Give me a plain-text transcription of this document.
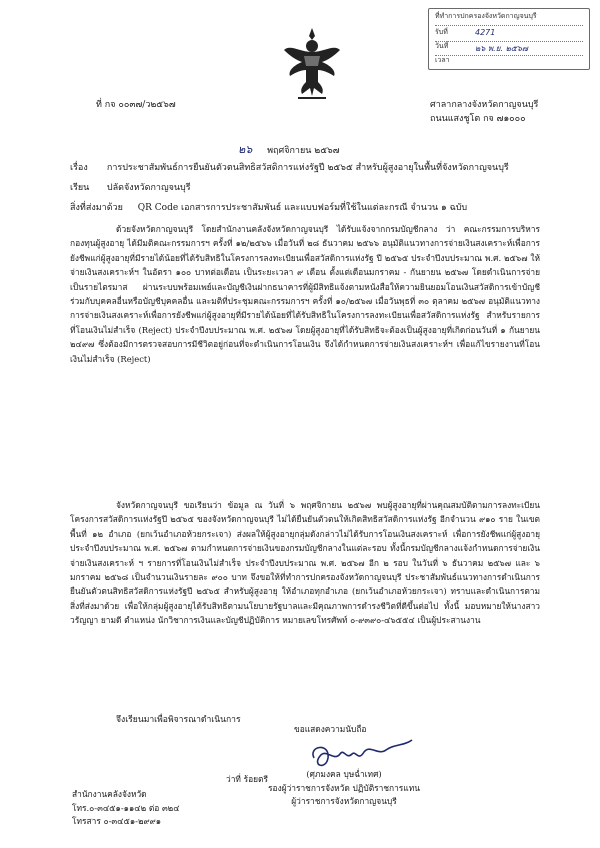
ที่ทำการปกครองจังหวัดกาญจนบุรี
รับที่	4271
วันที่	๒๖ พ.ย. ๒๕๖๗
เวลา
ที่ กจ ๐๐๓๗/ว๒๕๖๗	ศาลากลางจังหวัดกาญจนบุรี
ถนนแสงชูโต กจ ๗๑๐๐๐
๒๖ พฤศจิกายน ๒๕๖๗
เรื่อง การประชาสัมพันธ์การยืนยันตัวตนสิทธิสวัสดิการแห่งรัฐปี ๒๕๖๕ สำหรับผู้สูงอายุในพื้นที่จังหวัดกาญจนบุรี
เรียน ปลัดจังหวัดกาญจนบุรี
สิ่งที่ส่งมาด้วย QR Code เอกสารการประชาสัมพันธ์ และแบบฟอร์มที่ใช้ในแต่ละกรณี จำนวน ๑ ฉบับ

ด้วยจังหวัดกาญจนบุรี โดยสำนักงานคลังจังหวัดกาญจนบุรี ได้รับแจ้งจากกรมบัญชีกลาง ว่า คณะกรรมการบริหารกองทุนผู้สูงอายุ ได้มีมติคณะกรรมการฯ ครั้งที่ ๑๒/๒๕๖๖ เมื่อวันที่ ๒๘ ธันวาคม ๒๕๖๖ อนุมัติแนวทางการจ่ายเงินสงเคราะห์เพื่อการยังชีพแก่ผู้สูงอายุที่มีรายได้น้อยที่ได้รับสิทธิในโครงการลงทะเบียนเพื่อสวัสดิการแห่งรัฐ ปี ๒๕๖๕ ประจำปีงบประมาณ พ.ศ. ๒๕๖๗ ให้จ่ายเงินสงเคราะห์ฯ ในอัตรา ๑๐๐ บาทต่อเดือน เป็นระยะเวลา ๙ เดือน ตั้งแต่เดือนมกราคม - กันยายน ๒๕๖๗ โดยดำเนินการจ่ายเป็นรายไตรมาส ผ่านระบบพร้อมเพย์และบัญชีเงินฝากธนาคารที่ผู้มีสิทธิแจ้งตามหนังสือให้ความยินยอมโอนเงินสวัสดิการเข้าบัญชีร่วมกับบุคคลอื่นหรือบัญชีบุคคลอื่น และมติที่ประชุมคณะกรรมการฯ ครั้งที่ ๑๐/๒๕๖๗ เมื่อวันพุธที่ ๓๐ ตุลาคม ๒๕๖๗ อนุมัติแนวทางการจ่ายเงินสงเคราะห์เพื่อการยังชีพแก่ผู้สูงอายุที่มีรายได้น้อยที่ได้รับสิทธิในโครงการลงทะเบียนเพื่อสวัสดิการแห่งรัฐ สำหรับรายการที่โอนเงินไม่สำเร็จ (Reject) ประจำปีงบประมาณ พ.ศ. ๒๕๖๗ โดยผู้สูงอายุที่ได้รับสิทธิจะต้องเป็นผู้สูงอายุที่เกิดก่อนวันที่ ๑ กันยายน ๒๔๙๗ ซึ่งต้องมีการตรวจสอบการมีชีวิตอยู่ก่อนที่จะดำเนินการโอนเงิน จึงได้กำหนดการจ่ายเงินสงเคราะห์ฯ เพื่อแก้ไขรายงานที่โอนเงินไม่สำเร็จ (Reject)

จังหวัดกาญจนบุรี ขอเรียนว่า ข้อมูล ณ วันที่ ๖ พฤศจิกายน ๒๕๖๗ พบผู้สูงอายุที่ผ่านคุณสมบัติตามการลงทะเบียนโครงการสวัสดิการแห่งรัฐปี ๒๕๖๕ ของจังหวัดกาญจนบุรี ไม่ได้ยืนยันตัวตนให้เกิดสิทธิสวัสดิการแห่งรัฐ อีกจำนวน ๙๑๐ ราย ในเขตพื้นที่ ๑๒ อำเภอ (ยกเว้นอำเภอห้วยกระเจา) ส่งผลให้ผู้สูงอายุกลุ่มดังกล่าวไม่ได้รับการโอนเงินสงเคราะห์ เพื่อการยังชีพแก่ผู้สูงอายุ ประจำปีงบประมาณ พ.ศ. ๒๕๖๗ ตามกำหนดการจ่ายเงินของกรมบัญชีกลางในแต่ละรอบ ทั้งนี้กรมบัญชีกลางแจ้งกำหนดการจ่ายเงินจ่ายเงินสงเคราะห์ ฯ รายการที่โอนเงินไม่สำเร็จ ประจำปีงบประมาณ พ.ศ. ๒๕๖๗ อีก ๒ รอบ ในวันที่ ๖ ธันวาคม ๒๕๖๗ และ ๖ มกราคม ๒๕๖๘ เป็นจำนวนเงินรายละ ๙๐๐ บาท จึงขอให้ที่ทำการปกครองจังหวัดกาญจนบุรี ประชาสัมพันธ์แนวทางการดำเนินการยืนยันตัวตนสิทธิสวัสดิการแห่งรัฐปี ๒๕๖๕ สำหรับผู้สูงอายุ ให้อำเภอทุกอำเภอ (ยกเว้นอำเภอห้วยกระเจา) ทราบและดำเนินการตามสิ่งที่ส่งมาด้วย เพื่อให้กลุ่มผู้สูงอายุได้รับสิทธิตามนโยบายรัฐบาลและมีคุณภาพการดำรงชีวิตที่ดีขึ้นต่อไป ทั้งนี้ มอบหมายให้นางสาววรัญญา ยามดี ตำแหน่ง นักวิชาการเงินและบัญชีปฏิบัติการ หมายเลขโทรศัพท์ ๐-๙๓๙๐-๔๖๕๕๔ เป็นผู้ประสานงาน

จึงเรียนมาเพื่อพิจารณาดำเนินการ
ขอแสดงความนับถือ
ว่าที่ ร้อยตรี	(ศุภมงคล บุษฉ่ำเทศ)
รองผู้ว่าราชการจังหวัด ปฏิบัติราชการแทน
ผู้ว่าราชการจังหวัดกาญจนบุรี
สำนักงานคลังจังหวัด
โทร.๐-๓๔๕๑-๑๑๔๒ ต่อ ๓๒๔
โทรสาร ๐-๓๔๕๑-๒๙๙๑
